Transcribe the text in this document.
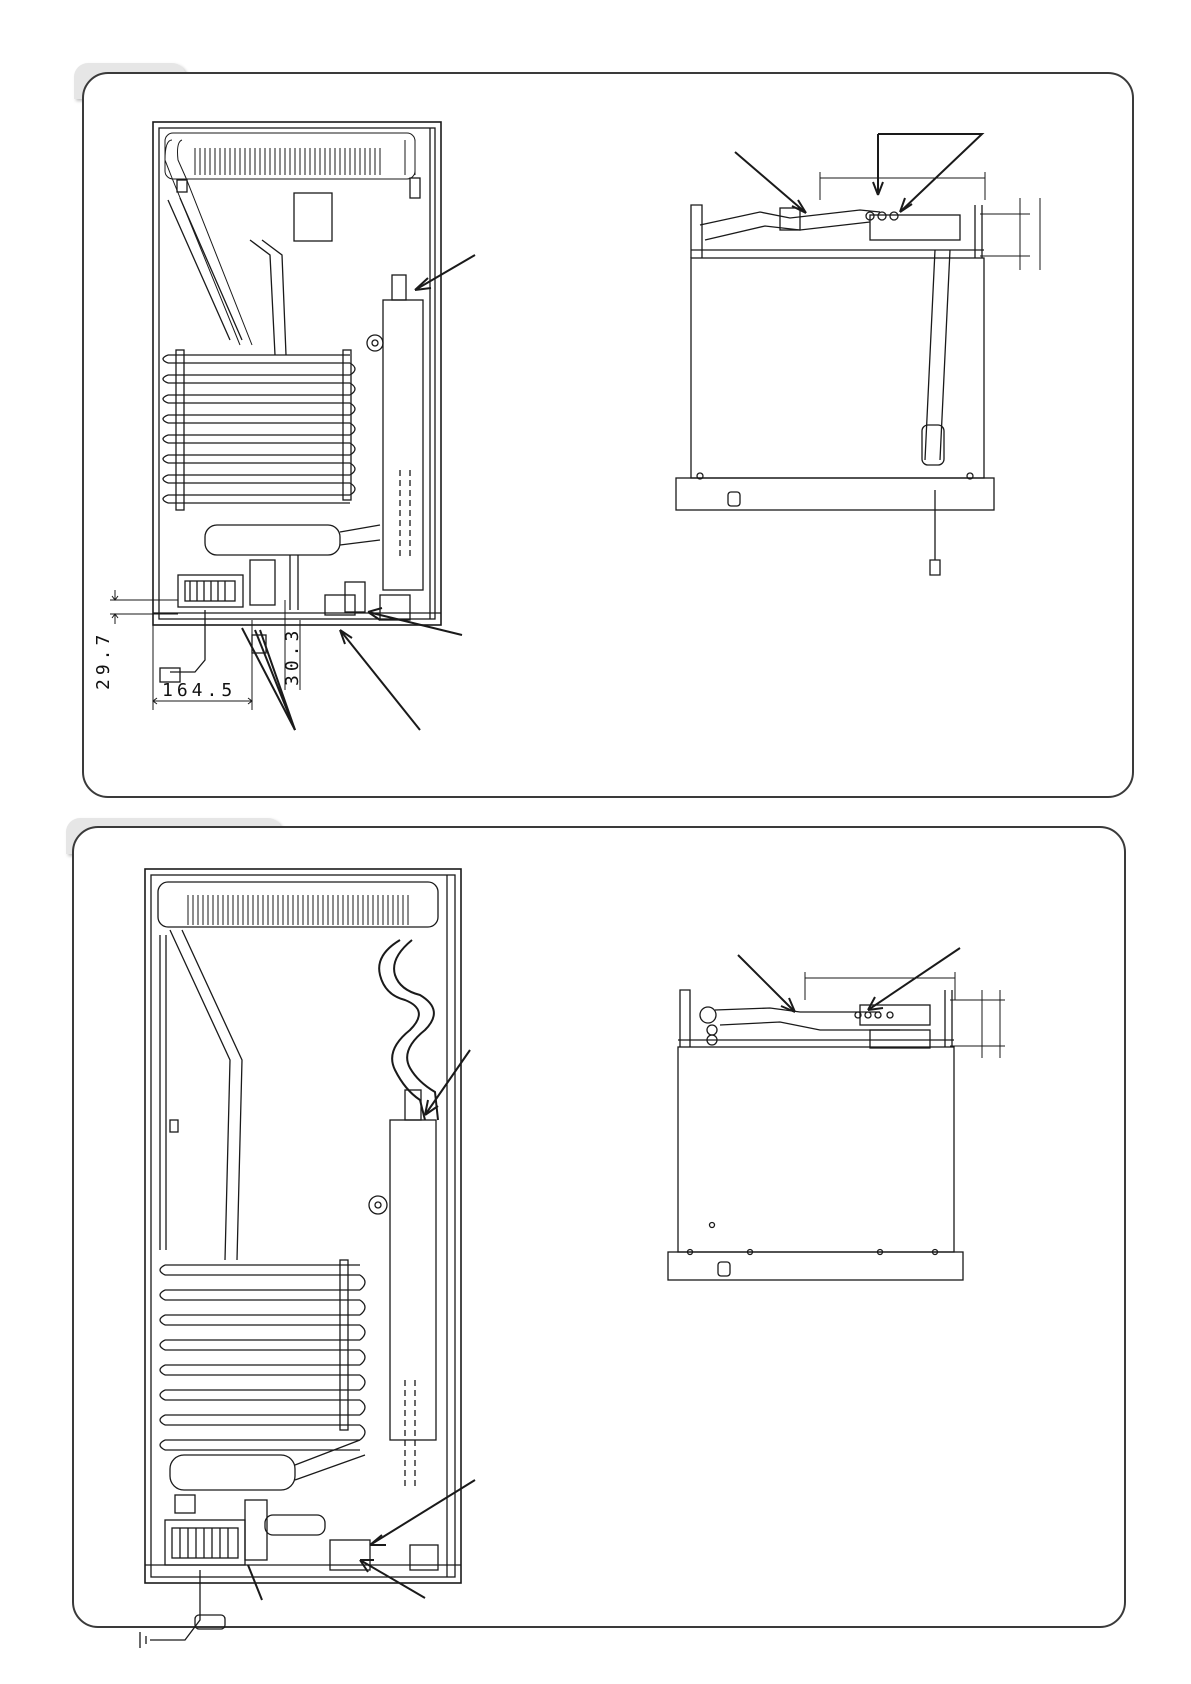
29.7
164.5
30.3
